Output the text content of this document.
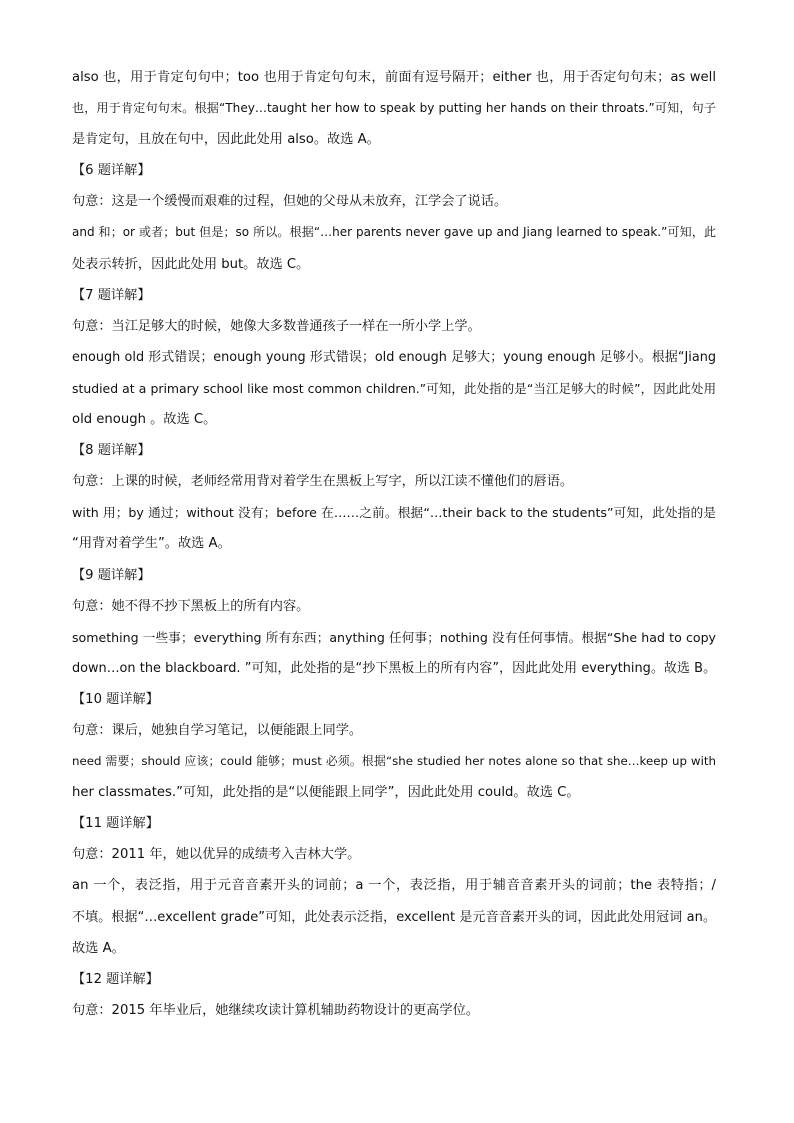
also 也，用于肯定句句中；too 也用于肯定句句末，前面有逗号隔开；either 也，用于否定句句末；as well
也，用于肯定句句末。根据“They…taught her how to speak by putting her hands on their throats.”可知，句子
是肯定句，且放在句中，因此此处用 also。故选 A。
【6 题详解】
句意：这是一个缓慢而艰难的过程，但她的父母从未放弃，江学会了说话。
and 和；or 或者；but 但是；so 所以。根据“…her parents never gave up and Jiang learned to speak.”可知，此
处表示转折，因此此处用 but。故选 C。
【7 题详解】
句意：当江足够大的时候，她像大多数普通孩子一样在一所小学上学。
enough old 形式错误；enough young 形式错误；old enough 足够大；young enough 足够小。根据“Jiang
studied at a primary school like most common children.”可知，此处指的是“当江足够大的时候”，因此此处用
old enough 。故选 C。
【8 题详解】
句意：上课的时候，老师经常用背对着学生在黑板上写字，所以江读不懂他们的唇语。
with 用；by 通过；without 没有；before 在……之前。根据“…their back to the students”可知，此处指的是
“用背对着学生”。故选 A。
【9 题详解】
句意：她不得不抄下黑板上的所有内容。
something 一些事；everything 所有东西；anything 任何事；nothing 没有任何事情。根据“She had to copy
down…on the blackboard. ”可知，此处指的是“抄下黑板上的所有内容”，因此此处用 everything。故选 B。
【10 题详解】
句意：课后，她独自学习笔记，以便能跟上同学。
need 需要；should 应该；could 能够；must 必须。根据“she studied her notes alone so that she…keep up with
her classmates.”可知，此处指的是“以便能跟上同学”，因此此处用 could。故选 C。
【11 题详解】
句意：2011 年，她以优异的成绩考入吉林大学。
an 一个，表泛指，用于元音音素开头的词前；a 一个，表泛指，用于辅音音素开头的词前；the 表特指；/
不填。根据“…excellent grade”可知，此处表示泛指，excellent 是元音音素开头的词，因此此处用冠词 an。
故选 A。
【12 题详解】
句意：2015 年毕业后，她继续攻读计算机辅助药物设计的更高学位。
